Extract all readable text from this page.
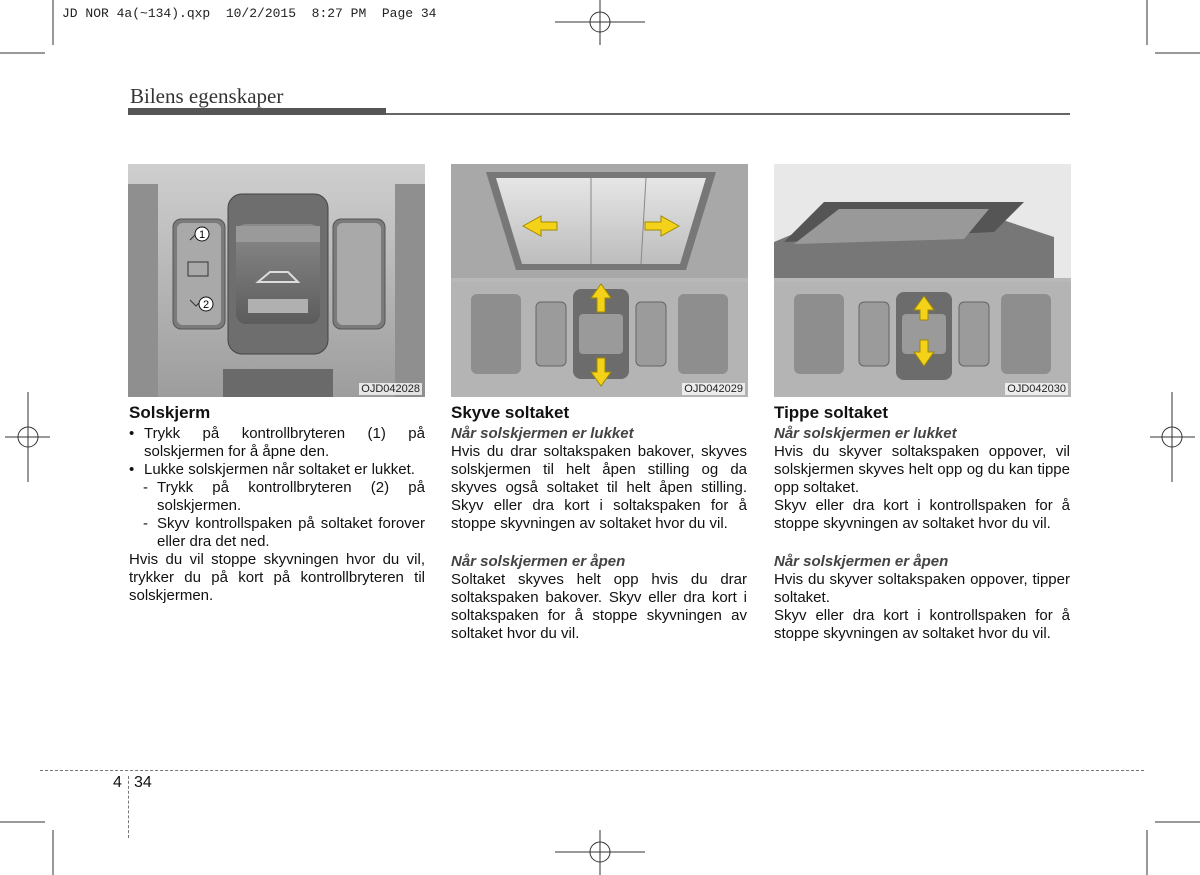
JD NOR 4a(~134).qxp  10/2/2015  8:27 PM  Page 34
Bilens egenskaper
1
2
OJD042028	OJD042029	OJD042030
Solskjerm
• Trykk på kontrollbryteren (1) på solskjermen for å åpne den.
• Lukke solskjermen når soltaket er lukket.
- Trykk på kontrollbryteren (2) på solskjermen.
- Skyv kontrollspaken på soltaket forover eller dra det ned.

Hvis du vil stoppe skyvningen hvor du vil, trykker du på kort på kontrollbryteren til solskjermen.

Skyve soltaket

Når solskjermen er lukket

Hvis du drar soltakspaken bakover, skyves solskjermen til helt åpen stilling og da skyves også soltaket til helt åpen stilling. Skyv eller dra kort i soltakspaken for å stoppe skyvningen av soltaket hvor du vil.

Når solskjermen er åpen

Soltaket skyves helt opp hvis du drar soltakspaken bakover. Skyv eller dra kort i soltakspaken for å stoppe skyvningen av soltaket hvor du vil.

Tippe soltaket

Når solskjermen er lukket

Hvis du skyver soltakspaken oppover, vil solskjermen skyves helt opp og du kan tippe opp soltaket.

Skyv eller dra kort i kontrollspaken for å stoppe skyvningen av soltaket hvor du vil.

Når solskjermen er åpen

Hvis du skyver soltakspaken oppover, tipper soltaket.

Skyv eller dra kort i kontrollspaken for å stoppe skyvningen av soltaket hvor du vil.

4 34
